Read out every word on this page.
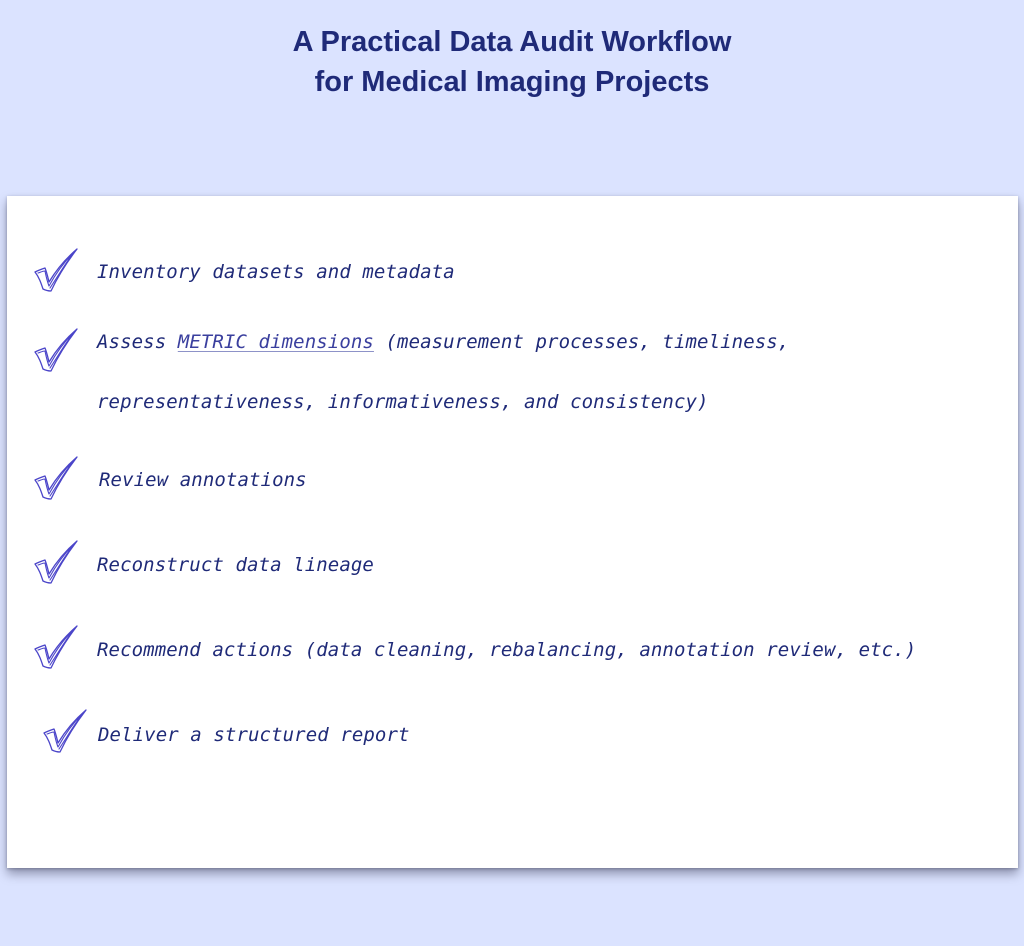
A Practical Data Audit Workflow
for Medical Imaging Projects
Inventory datasets and metadata
Assess METRIC dimensions (measurement processes, timeliness,
representativeness, informativeness, and consistency)
Review annotations
Reconstruct data lineage
Recommend actions (data cleaning, rebalancing, annotation review, etc.)
Deliver a structured report
